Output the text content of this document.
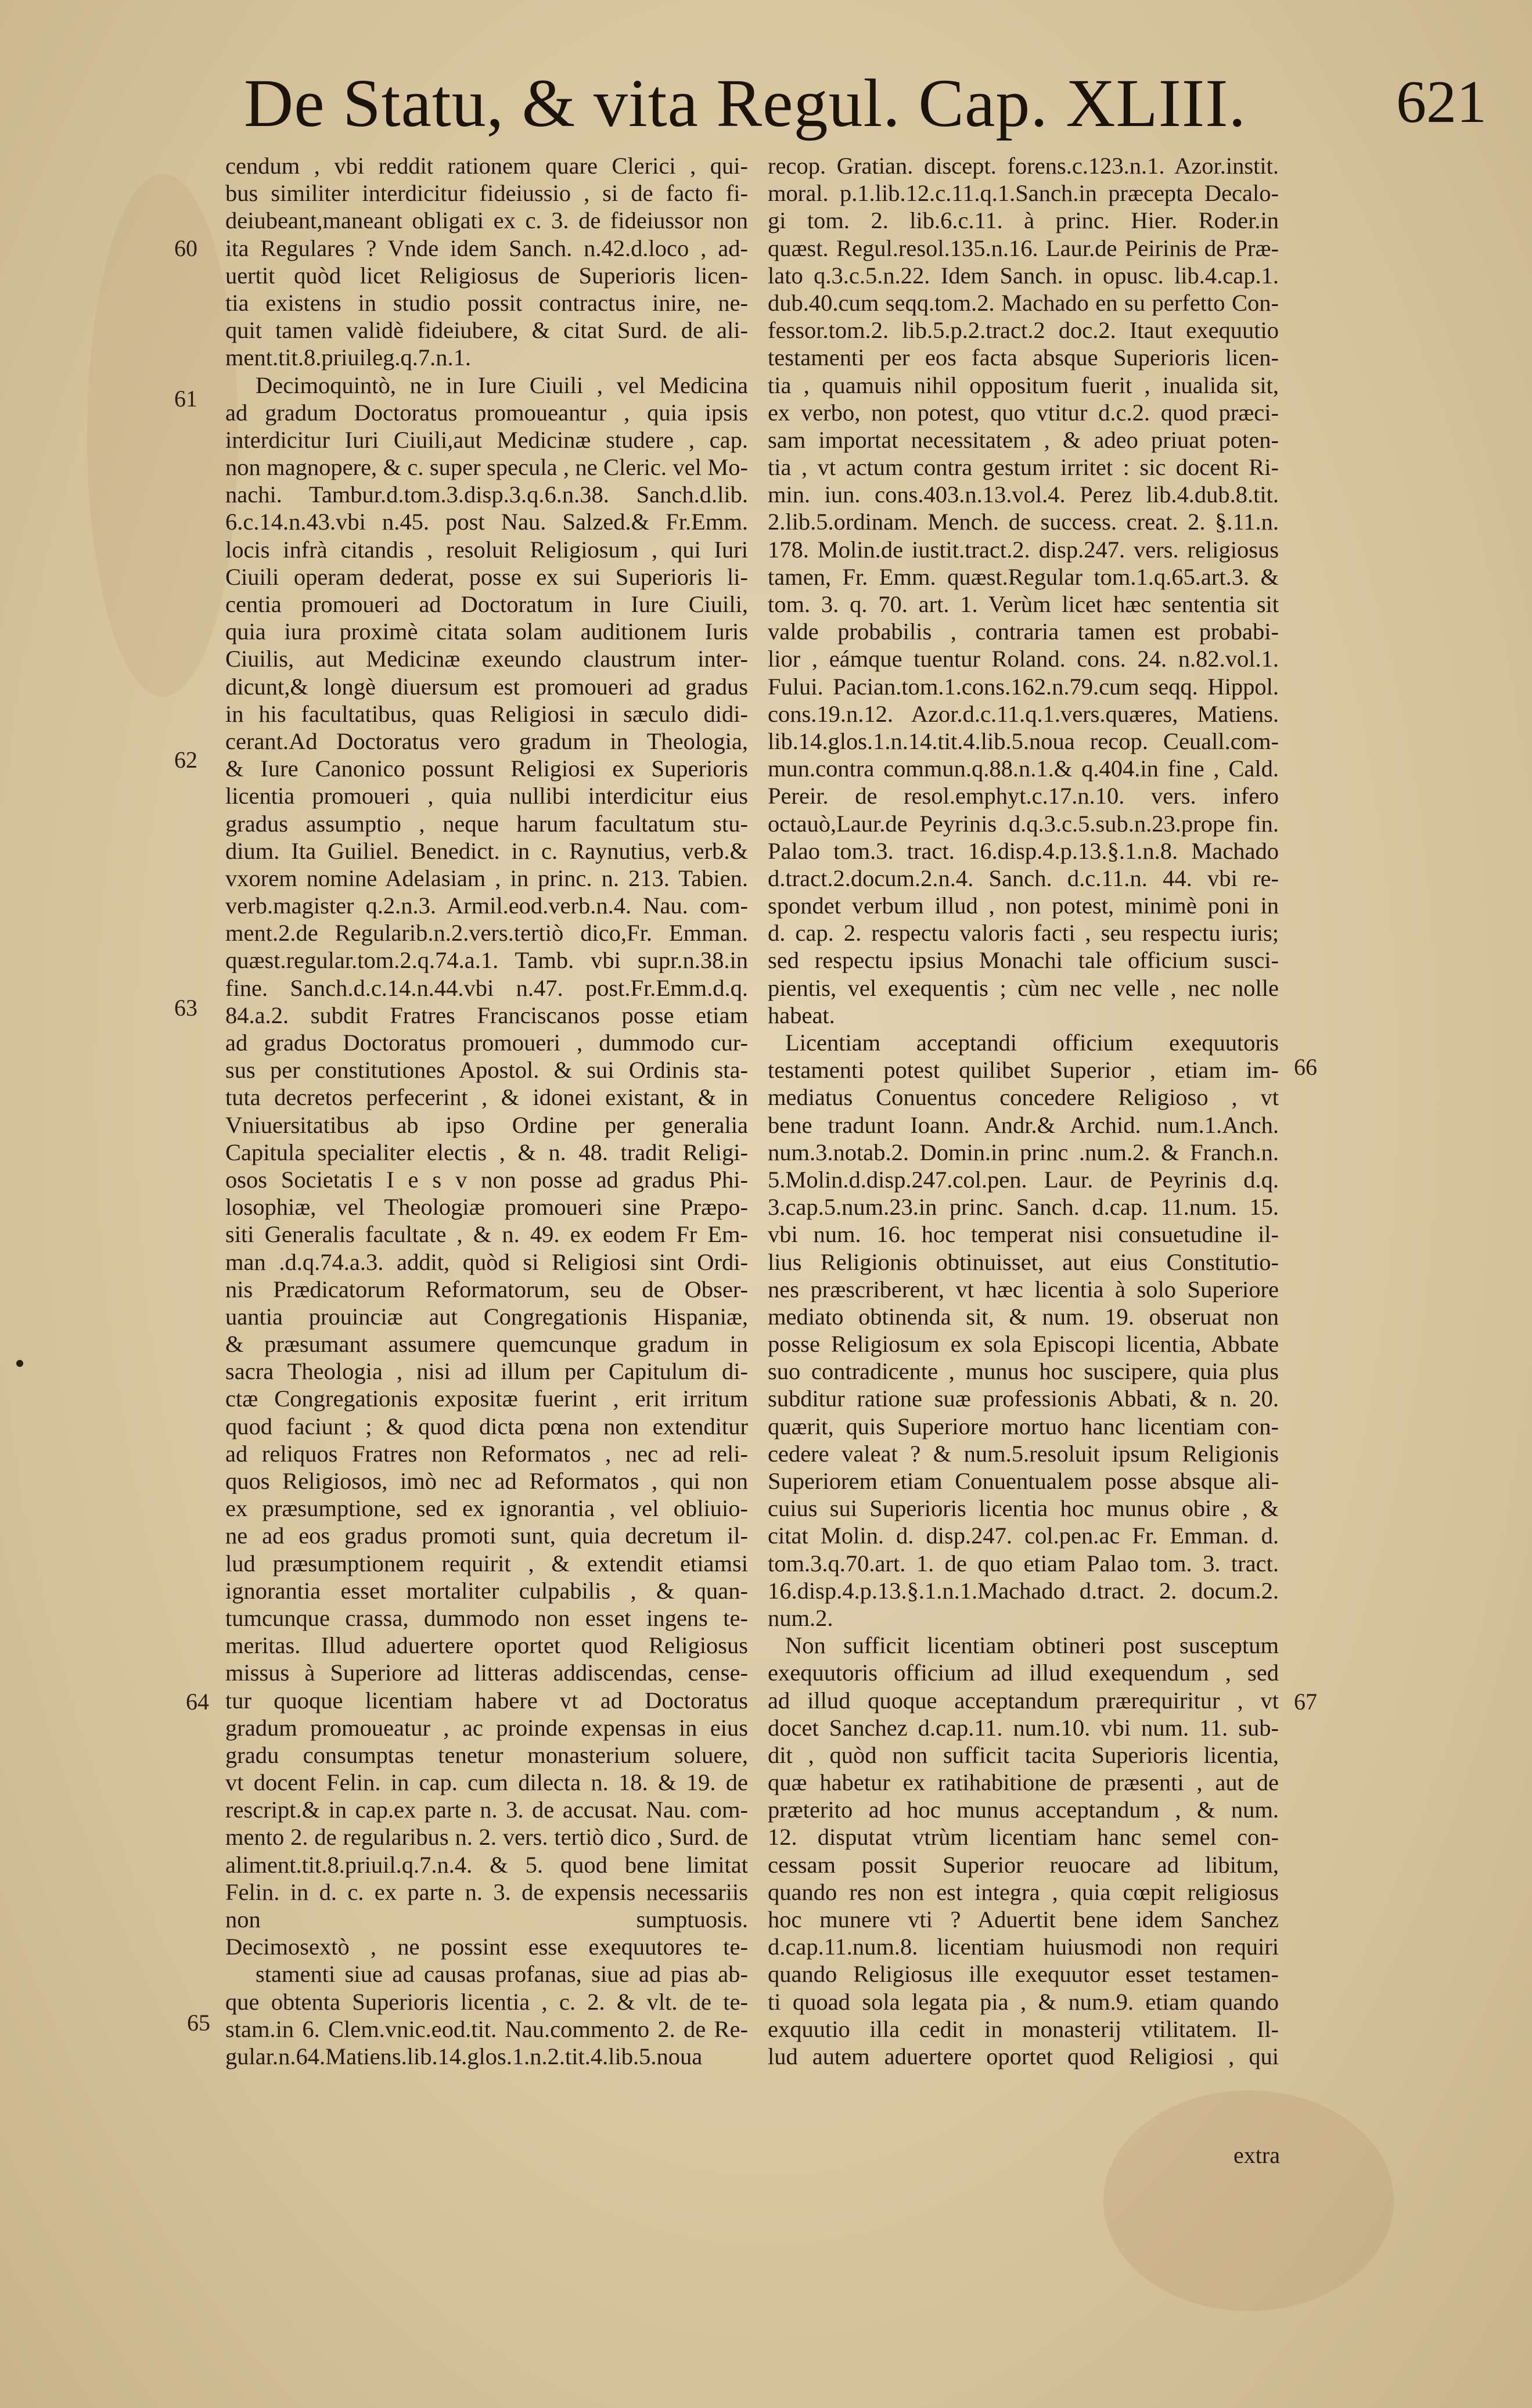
De Statu, & vita Regul. Cap. XLIII. 621
cendum , vbi reddit rationem quare Clerici , qui-
bus similiter interdicitur fideiussio , si de facto fi-
deiubeant,maneant obligati ex c. 3. de fideiussor non
ita Regulares ? Vnde idem Sanch. n.42.d.loco , ad-
uertit quòd licet Religiosus de Superioris licen-
tia existens in studio possit contractus inire, ne-
quit tamen validè fideiubere, & citat Surd. de ali-
ment.tit.8.priuileg.q.7.n.1.
Decimoquintò, ne in Iure Ciuili , vel Medicina
ad gradum Doctoratus promoueantur , quia ipsis
interdicitur Iuri Ciuili,aut Medicinæ studere , cap.
non magnopere, & c. super specula , ne Cleric. vel Mo-
nachi. Tambur.d.tom.3.disp.3.q.6.n.38. Sanch.d.lib.
6.c.14.n.43.vbi n.45. post Nau. Salzed.& Fr.Emm.
locis infrà citandis , resoluit Religiosum , qui Iuri
Ciuili operam dederat, posse ex sui Superioris li-
centia promoueri ad Doctoratum in Iure Ciuili,
quia iura proximè citata solam auditionem Iuris
Ciuilis, aut Medicinæ exeundo claustrum inter-
dicunt,& longè diuersum est promoueri ad gradus
in his facultatibus, quas Religiosi in sæculo didi-
cerant.Ad Doctoratus vero gradum in Theologia,
& Iure Canonico possunt Religiosi ex Superioris
licentia promoueri , quia nullibi interdicitur eius
gradus assumptio , neque harum facultatum stu-
dium. Ita Guiliel. Benedict. in c. Raynutius, verb.&
vxorem nomine Adelasiam , in princ. n. 213. Tabien.
verb.magister q.2.n.3. Armil.eod.verb.n.4. Nau. com-
ment.2.de Regularib.n.2.vers.tertiò dico,Fr. Emman.
quæst.regular.tom.2.q.74.a.1. Tamb. vbi supr.n.38.in
fine. Sanch.d.c.14.n.44.vbi n.47. post.Fr.Emm.d.q.
84.a.2. subdit Fratres Franciscanos posse etiam
ad gradus Doctoratus promoueri , dummodo cur-
sus per constitutiones Apostol. & sui Ordinis sta-
tuta decretos perfecerint , & idonei existant, & in
Vniuersitatibus ab ipso Ordine per generalia
Capitula specialiter electis , & n. 48. tradit Religi-
osos Societatis I e s v non posse ad gradus Phi-
losophiæ, vel Theologiæ promoueri sine Præpo-
siti Generalis facultate , & n. 49. ex eodem Fr Em-
man .d.q.74.a.3. addit, quòd si Religiosi sint Ordi-
nis Prædicatorum Reformatorum, seu de Obser-
uantia prouinciæ aut Congregationis Hispaniæ,
& præsumant assumere quemcunque gradum in
sacra Theologia , nisi ad illum per Capitulum di-
ctæ Congregationis expositæ fuerint , erit irritum
quod faciunt ; & quod dicta pœna non extenditur
ad reliquos Fratres non Reformatos , nec ad reli-
quos Religiosos, imò nec ad Reformatos , qui non
ex præsumptione, sed ex ignorantia , vel obliuio-
ne ad eos gradus promoti sunt, quia decretum il-
lud præsumptionem requirit , & extendit etiamsi
ignorantia esset mortaliter culpabilis , & quan-
tumcunque crassa, dummodo non esset ingens te-
meritas. Illud aduertere oportet quod Religiosus
missus à Superiore ad litteras addiscendas, cense-
tur quoque licentiam habere vt ad Doctoratus
gradum promoueatur , ac proinde expensas in eius
gradu consumptas tenetur monasterium soluere,
vt docent Felin. in cap. cum dilecta n. 18. & 19. de
rescript.& in cap.ex parte n. 3. de accusat. Nau. com-
mento 2. de regularibus n. 2. vers. tertiò dico , Surd. de
aliment.tit.8.priuil.q.7.n.4. & 5. quod bene limitat
Felin. in d. c. ex parte n. 3. de expensis necessariis
non sumptuosis.
Decimosextò , ne possint esse exequutores te-
stamenti siue ad causas profanas, siue ad pias ab-
que obtenta Superioris licentia , c. 2. & vlt. de te-
stam.in 6. Clem.vnic.eod.tit. Nau.commento 2. de Re-
gular.n.64.Matiens.lib.14.glos.1.n.2.tit.4.lib.5.noua
recop. Gratian. discept. forens.c.123.n.1. Azor.instit.
moral. p.1.lib.12.c.11.q.1.Sanch.in præcepta Decalo-
gi tom. 2. lib.6.c.11. à princ. Hier. Roder.in
quæst. Regul.resol.135.n.16. Laur.de Peirinis de Præ-
lato q.3.c.5.n.22. Idem Sanch. in opusc. lib.4.cap.1.
dub.40.cum seqq.tom.2. Machado en su perfetto Con-
fessor.tom.2. lib.5.p.2.tract.2 doc.2. Itaut exequutio
testamenti per eos facta absque Superioris licen-
tia , quamuis nihil oppositum fuerit , inualida sit,
ex verbo, non potest, quo vtitur d.c.2. quod præci-
sam importat necessitatem , & adeo priuat poten-
tia , vt actum contra gestum irritet : sic docent Ri-
min. iun. cons.403.n.13.vol.4. Perez lib.4.dub.8.tit.
2.lib.5.ordinam. Mench. de success. creat. 2. §.11.n.
178. Molin.de iustit.tract.2. disp.247. vers. religiosus
tamen, Fr. Emm. quæst.Regular tom.1.q.65.art.3. &
tom. 3. q. 70. art. 1. Verùm licet hæc sententia sit
valde probabilis , contraria tamen est probabi-
lior , eámque tuentur Roland. cons. 24. n.82.vol.1.
Fului. Pacian.tom.1.cons.162.n.79.cum seqq. Hippol.
cons.19.n.12. Azor.d.c.11.q.1.vers.quæres, Matiens.
lib.14.glos.1.n.14.tit.4.lib.5.noua recop. Ceuall.com-
mun.contra commun.q.88.n.1.& q.404.in fine , Cald.
Pereir. de resol.emphyt.c.17.n.10. vers. infero
octauò,Laur.de Peyrinis d.q.3.c.5.sub.n.23.prope fin.
Palao tom.3. tract. 16.disp.4.p.13.§.1.n.8. Machado
d.tract.2.docum.2.n.4. Sanch. d.c.11.n. 44. vbi re-
spondet verbum illud , non potest, minimè poni in
d. cap. 2. respectu valoris facti , seu respectu iuris;
sed respectu ipsius Monachi tale officium susci-
pientis, vel exequentis ; cùm nec velle , nec nolle
habeat.
Licentiam acceptandi officium exequutoris
testamenti potest quilibet Superior , etiam im-
mediatus Conuentus concedere Religioso , vt
bene tradunt Ioann. Andr.& Archid. num.1.Anch.
num.3.notab.2. Domin.in princ .num.2. & Franch.n.
5.Molin.d.disp.247.col.pen. Laur. de Peyrinis d.q.
3.cap.5.num.23.in princ. Sanch. d.cap. 11.num. 15.
vbi num. 16. hoc temperat nisi consuetudine il-
lius Religionis obtinuisset, aut eius Constitutio-
nes præscriberent, vt hæc licentia à solo Superiore
mediato obtinenda sit, & num. 19. obseruat non
posse Religiosum ex sola Episcopi licentia, Abbate
suo contradicente , munus hoc suscipere, quia plus
subditur ratione suæ professionis Abbati, & n. 20.
quærit, quis Superiore mortuo hanc licentiam con-
cedere valeat ? & num.5.resoluit ipsum Religionis
Superiorem etiam Conuentualem posse absque ali-
cuius sui Superioris licentia hoc munus obire , &
citat Molin. d. disp.247. col.pen.ac Fr. Emman. d.
tom.3.q.70.art. 1. de quo etiam Palao tom. 3. tract.
16.disp.4.p.13.§.1.n.1.Machado d.tract. 2. docum.2.
num.2.
Non sufficit licentiam obtineri post susceptum
exequutoris officium ad illud exequendum , sed
ad illud quoque acceptandum prærequiritur , vt
docet Sanchez d.cap.11. num.10. vbi num. 11. sub-
dit , quòd non sufficit tacita Superioris licentia,
quæ habetur ex ratihabitione de præsenti , aut de
præterito ad hoc munus acceptandum , & num.
12. disputat vtrùm licentiam hanc semel con-
cessam possit Superior reuocare ad libitum,
quando res non est integra , quia cœpit religiosus
hoc munere vti ? Aduertit bene idem Sanchez
d.cap.11.num.8. licentiam huiusmodi non requiri
quando Religiosus ille exequutor esset testamen-
ti quoad sola legata pia , & num.9. etiam quando
exquutio illa cedit in monasterij vtilitatem. Il-
lud autem aduertere oportet quod Religiosi , qui
60
61
62
63
64
65
66
67
extra
